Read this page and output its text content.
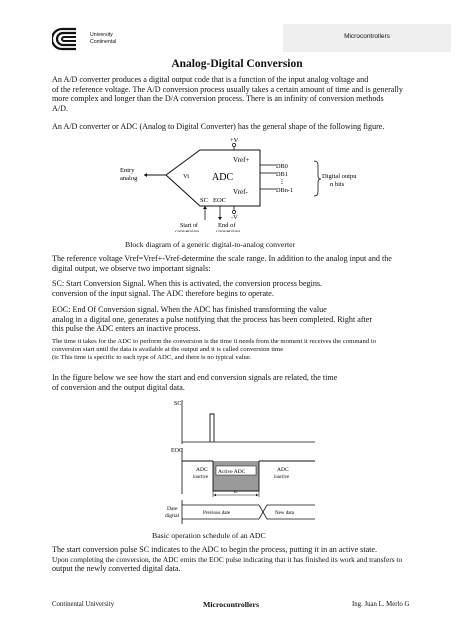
University
Continental
Microcontrollers
Analog-Digital Conversion
An A/D converter produces a digital output code that is a function of the input analog voltage and
of the reference voltage. The A/D conversion process usually takes a certain amount of time and is generally
more complex and longer than the D/A conversion process. There is an infinity of conversion methods
A/D.
An A/D converter or ADC (Analog to Digital Converter) has the general shape of the following figure.
ADC
Entry
analog	Vi
+V
Vref+
Vref-
DB0
DB1
DBn-1
Digital outpu
n bits
SC EOC
-V
Start of
conversion
End of
conversion
Block diagram of a generic digital-to-analog converter
The reference voltage Vref=Vref+-Vref-determine the scale range. In addition to the analog input and the
digital output, we observe two important signals:
SC: Start Conversion Signal. When this is activated, the conversion process begins.
conversion of the input signal. The ADC therefore begins to operate.
EOC: End Of Conversion signal. When the ADC has finished transforming the value
analog in a digital one, generates a pulse notifying that the process has been completed. Right after
this pulse the ADC enters an inactive process.
The time it takes for the ADC to perform the conversion is the time it needs from the moment it receives the command to
conversion start until the data is available at the output and it is called conversion time
(tc This time is specific to each type of ADC, and there is no typical value.
In the figure below we see how the start and end conversion signals are related, the time
of conversion and the output digital data.
SC
EOC
ADC
inactive
Active ADC	ADC
inactive
tc
Date
digital	Previous date	New data
Basic operation schedule of an ADC
The start conversion pulse SC indicates to the ADC to begin the process, putting it in an active state.
Upon completing the conversion, the ADC emits the EOC pulse indicating that it has finished its work and transfers to
output the newly converted digital data.
Continental University	Microcontrollers	Ing. Juan L. Merlo G
